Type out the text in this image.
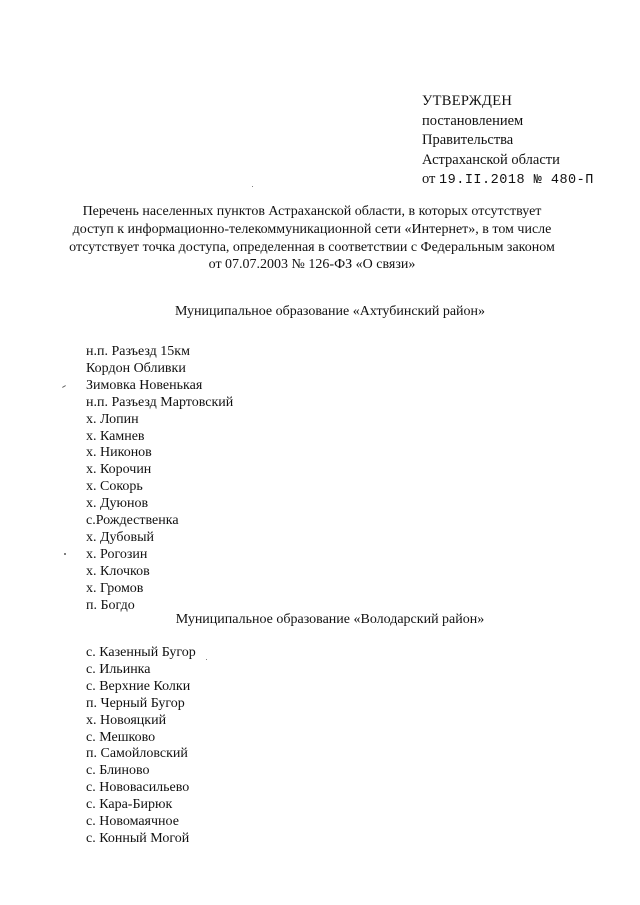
УТВЕРЖДЕН
постановлением
Правительства
Астраханской области
от 19.II.2018 № 480-П
Перечень населенных пунктов Астраханской области, в которых отсутствует доступ к информационно-телекоммуникационной сети «Интернет», в том числе отсутствует точка доступа, определенная в соответствии с Федеральным законом от 07.07.2003 № 126-ФЗ «О связи»
Муниципальное образование «Ахтубинский район»
н.п. Разъезд 15км
Кордон Обливки
Зимовка Новенькая
н.п. Разъезд Мартовский
х. Лопин
х. Камнев
х. Никонов
х. Корочин
х. Сокорь
х. Дуюнов
с.Рождественка
х. Дубовый
х. Рогозин
х. Клочков
х. Громов
п. Богдо
Муниципальное образование «Володарский район»
с. Казенный Бугор
с. Ильинка
с. Верхние Колки
п. Черный Бугор
х. Новояцкий
с. Мешково
п. Самойловский
с. Блиново
с. Нововасильево
с. Кара-Бирюк
с. Новомаячное
с. Конный Могой
